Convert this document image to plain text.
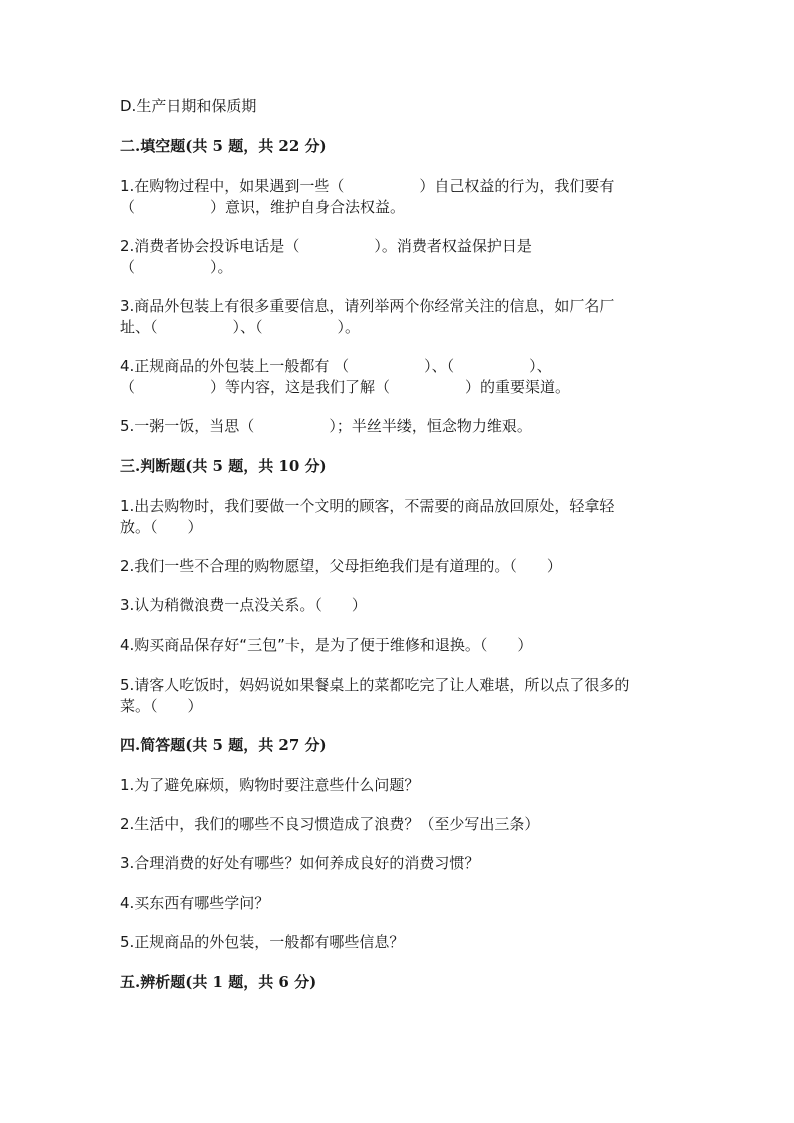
D.生产日期和保质期

二.填空题(共 5 题，共 22 分)

1.在购物过程中，如果遇到一些（　　　　　）自己权益的行为，我们要有

（　　　　　）意识，维护自身合法权益。

2.消费者协会投诉电话是（　　　　　）。消费者权益保护日是

（　　　　　）。

3.商品外包装上有很多重要信息，请列举两个你经常关注的信息，如厂名厂

址、（　　　　　）、（　　　　　）。

4.正规商品的外包装上一般都有 （　　　　　）、（　　　　　）、

（　　　　　）等内容，这是我们了解（　　　　　）的重要渠道。

5.一粥一饭，当思（　　　　　）；半丝半缕，恒念物力维艰。

三.判断题(共 5 题，共 10 分)

1.出去购物时，我们要做一个文明的顾客，不需要的商品放回原处，轻拿轻

放。（　　）

2.我们一些不合理的购物愿望，父母拒绝我们是有道理的。（　　）

3.认为稍微浪费一点没关系。（　　）

4.购买商品保存好“三包”卡，是为了便于维修和退换。（　　）

5.请客人吃饭时，妈妈说如果餐桌上的菜都吃完了让人难堪，所以点了很多的

菜。（　　）

四.简答题(共 5 题，共 27 分)

1.为了避免麻烦，购物时要注意些什么问题？

2.生活中，我们的哪些不良习惯造成了浪费？（至少写出三条）

3.合理消费的好处有哪些？如何养成良好的消费习惯？

4.买东西有哪些学问？

5.正规商品的外包装，一般都有哪些信息？

五.辨析题(共 1 题，共 6 分)
